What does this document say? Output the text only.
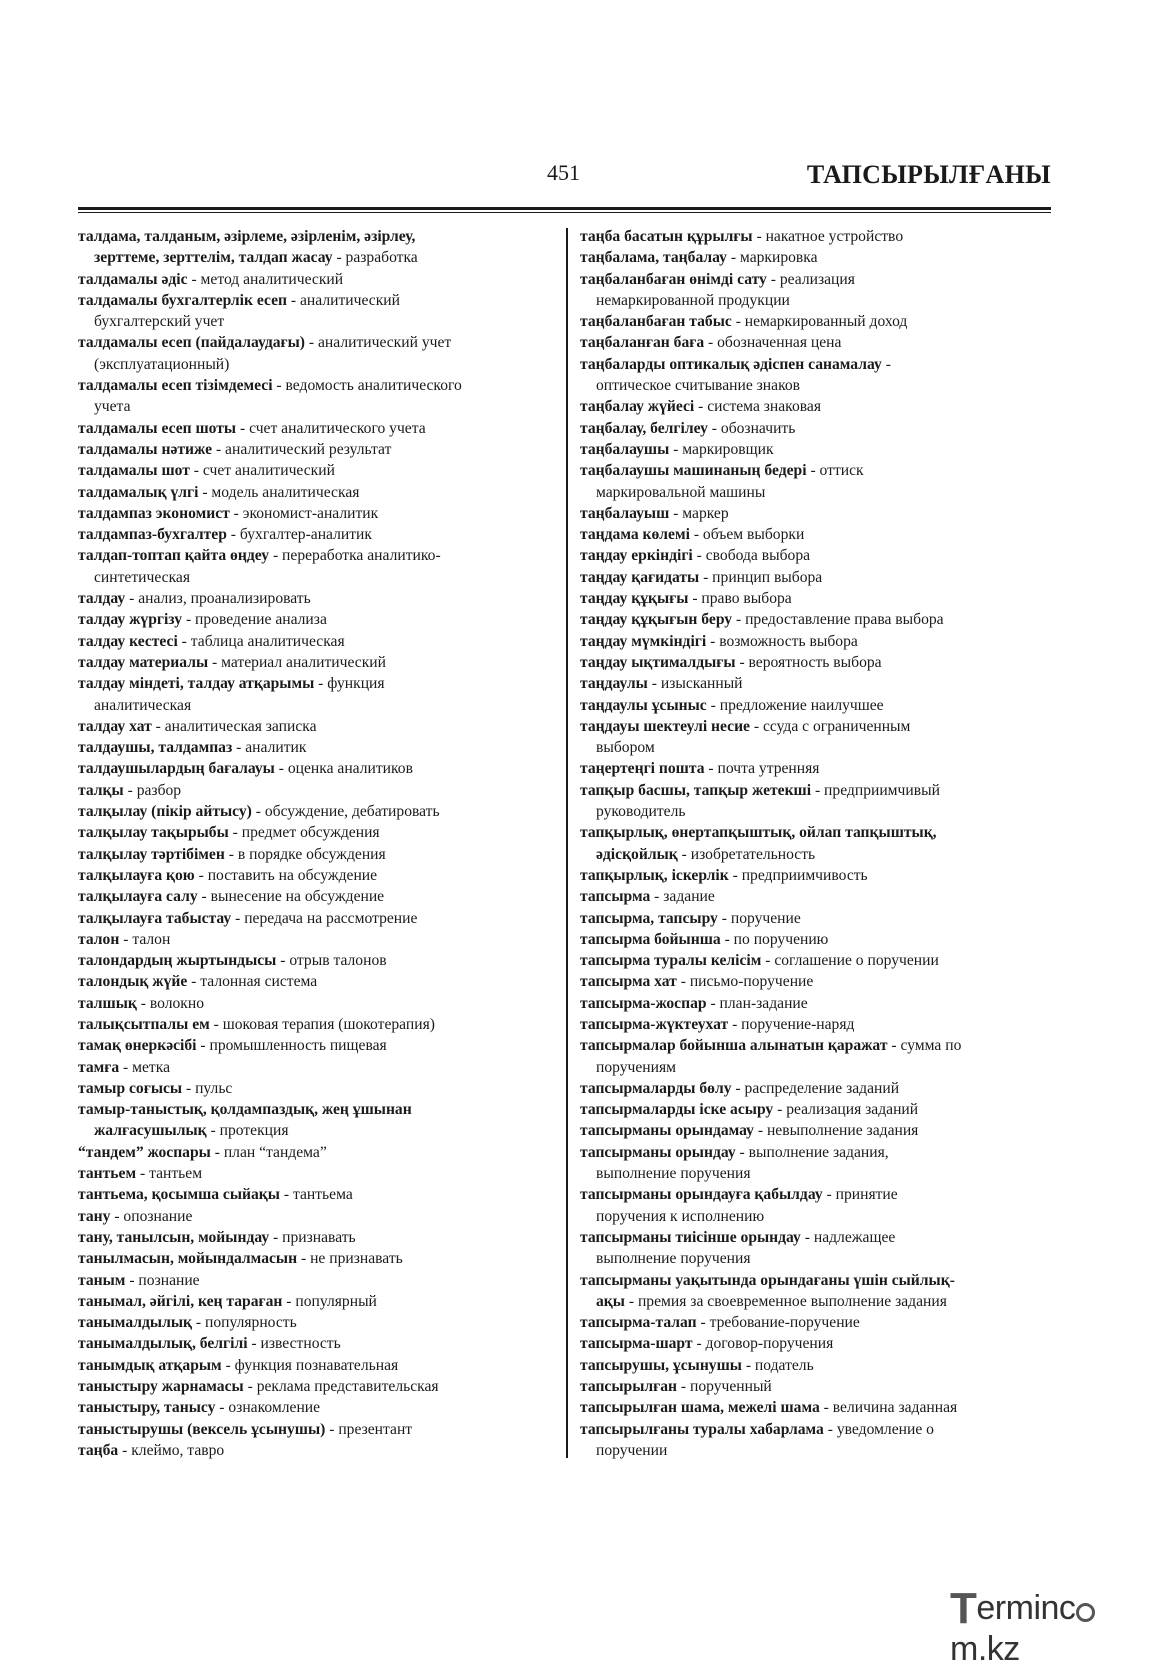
451	ТАПСЫРЫЛҒАНЫ
талдама, талданым, әзірлеме, әзірленім, әзірлеу,
зерттеме, зерттелім, талдап жасау - разработка
талдамалы әдіс - метод аналитический
талдамалы бухгалтерлік есеп - аналитический
бухгалтерский учет
талдамалы есеп (пайдалаудағы) - аналитический учет
(эксплуатационный)
талдамалы есеп тізімдемесі - ведомость аналитического
учета
талдамалы есеп шоты - счет аналитического учета
талдамалы нәтиже - аналитический результат
талдамалы шот - счет аналитический
талдамалық үлгі - модель аналитическая
талдампаз экономист - экономист-аналитик
талдампаз-бухгалтер - бухгалтер-аналитик
талдап-топтап қайта өңдеу - переработка аналитико-
синтетическая
талдау - анализ, проанализировать
талдау жүргізу - проведение анализа
талдау кестесі - таблица аналитическая
талдау материалы - материал аналитический
талдау міндеті, талдау атқарымы - функция
аналитическая
талдау хат - аналитическая записка
талдаушы, талдампаз - аналитик
талдаушылардың бағалауы - оценка аналитиков
талқы - разбор
талқылау (пікір айтысу) - обсуждение, дебатировать
талқылау тақырыбы - предмет обсуждения
талқылау тәртібімен - в порядке обсуждения
талқылауға қою - поставить на обсуждение
талқылауға салу - вынесение на обсуждение
талқылауға табыстау - передача на рассмотрение
талон - талон
талондардың жыртындысы - отрыв талонов
талондық жүйе - талонная система
талшық - волокно
талықсытпалы ем - шоковая терапия (шокотерапия)
тамақ өнеркәсібі - промышленность пищевая
тамға - метка
тамыр соғысы - пульс
тамыр-таныстық, қолдампаздық, жең ұшынан
жалғасушылық - протекция
“тандем” жоспары - план “тандема”
тантьем - тантьем
тантьема, қосымша сыйақы - тантьема
тану - опознание
тану, танылсын, мойындау - признавать
танылмасын, мойындалмасын - не признавать
таным - познание
танымал, әйгілі, кең тараған - популярный
танымалдылық - популярность
танымалдылық, белгілі - известность
танымдық атқарым - функция познавательная
таныстыру жарнамасы - реклама представительская
таныстыру, танысу - ознакомление
таныстырушы (вексель ұсынушы) - презентант
таңба - клеймо, тавро
таңба басатын құрылғы - накатное устройство
таңбалама, таңбалау - маркировка
таңбаланбаған өнімді сату - реализация
немаркированной продукции
таңбаланбаған табыс - немаркированный доход
таңбаланған баға - обозначенная цена
таңбаларды оптикалық әдіспен санамалау -
оптическое считывание знаков
таңбалау жүйесі - система знаковая
таңбалау, белгілеу - обозначить
таңбалаушы - маркировщик
таңбалаушы машинаның бедері - оттиск
маркировальной машины
таңбалауыш - маркер
таңдама көлемі - объем выборки
таңдау еркіндігі - свобода выбора
таңдау қағидаты - принцип выбора
таңдау құқығы - право выбора
таңдау құқығын беру - предоставление права выбора
таңдау мүмкіндігі - возможность выбора
таңдау ықтималдығы - вероятность выбора
таңдаулы - изысканный
таңдаулы ұсыныс - предложение наилучшее
таңдауы шектеулі несие - ссуда с ограниченным
выбором
таңертеңгі пошта - почта утренняя
тапқыр басшы, тапқыр жетекші - предприимчивый
руководитель
тапқырлық, өнертапқыштық, ойлап тапқыштық,
әдісқойлық - изобретательность
тапқырлық, іскерлік - предприимчивость
тапсырма - задание
тапсырма, тапсыру - поручение
тапсырма бойынша - по поручению
тапсырма туралы келісім - соглашение о поручении
тапсырма хат - письмо-поручение
тапсырма-жоспар - план-задание
тапсырма-жүктеухат - поручение-наряд
тапсырмалар бойынша алынатын қаражат - сумма по
поручениям
тапсырмаларды бөлу - распределение заданий
тапсырмаларды іске асыру - реализация заданий
тапсырманы орындамау - невыполнение задания
тапсырманы орындау - выполнение задания,
выполнение поручения
тапсырманы орындауға қабылдау - принятие
поручения к исполнению
тапсырманы тиісінше орындау - надлежащее
выполнение поручения
тапсырманы уақытында орындағаны үшін сыйлық-
ақы - премия за своевременное выполнение задания
тапсырма-талап - требование-поручение
тапсырма-шарт - договор-поручения
тапсырушы, ұсынушы - податель
тапсырылған - порученный
тапсырылған шама, межелі шама - величина заданная
тапсырылғаны туралы хабарлама - уведомление о
поручении
Termincm.kz
